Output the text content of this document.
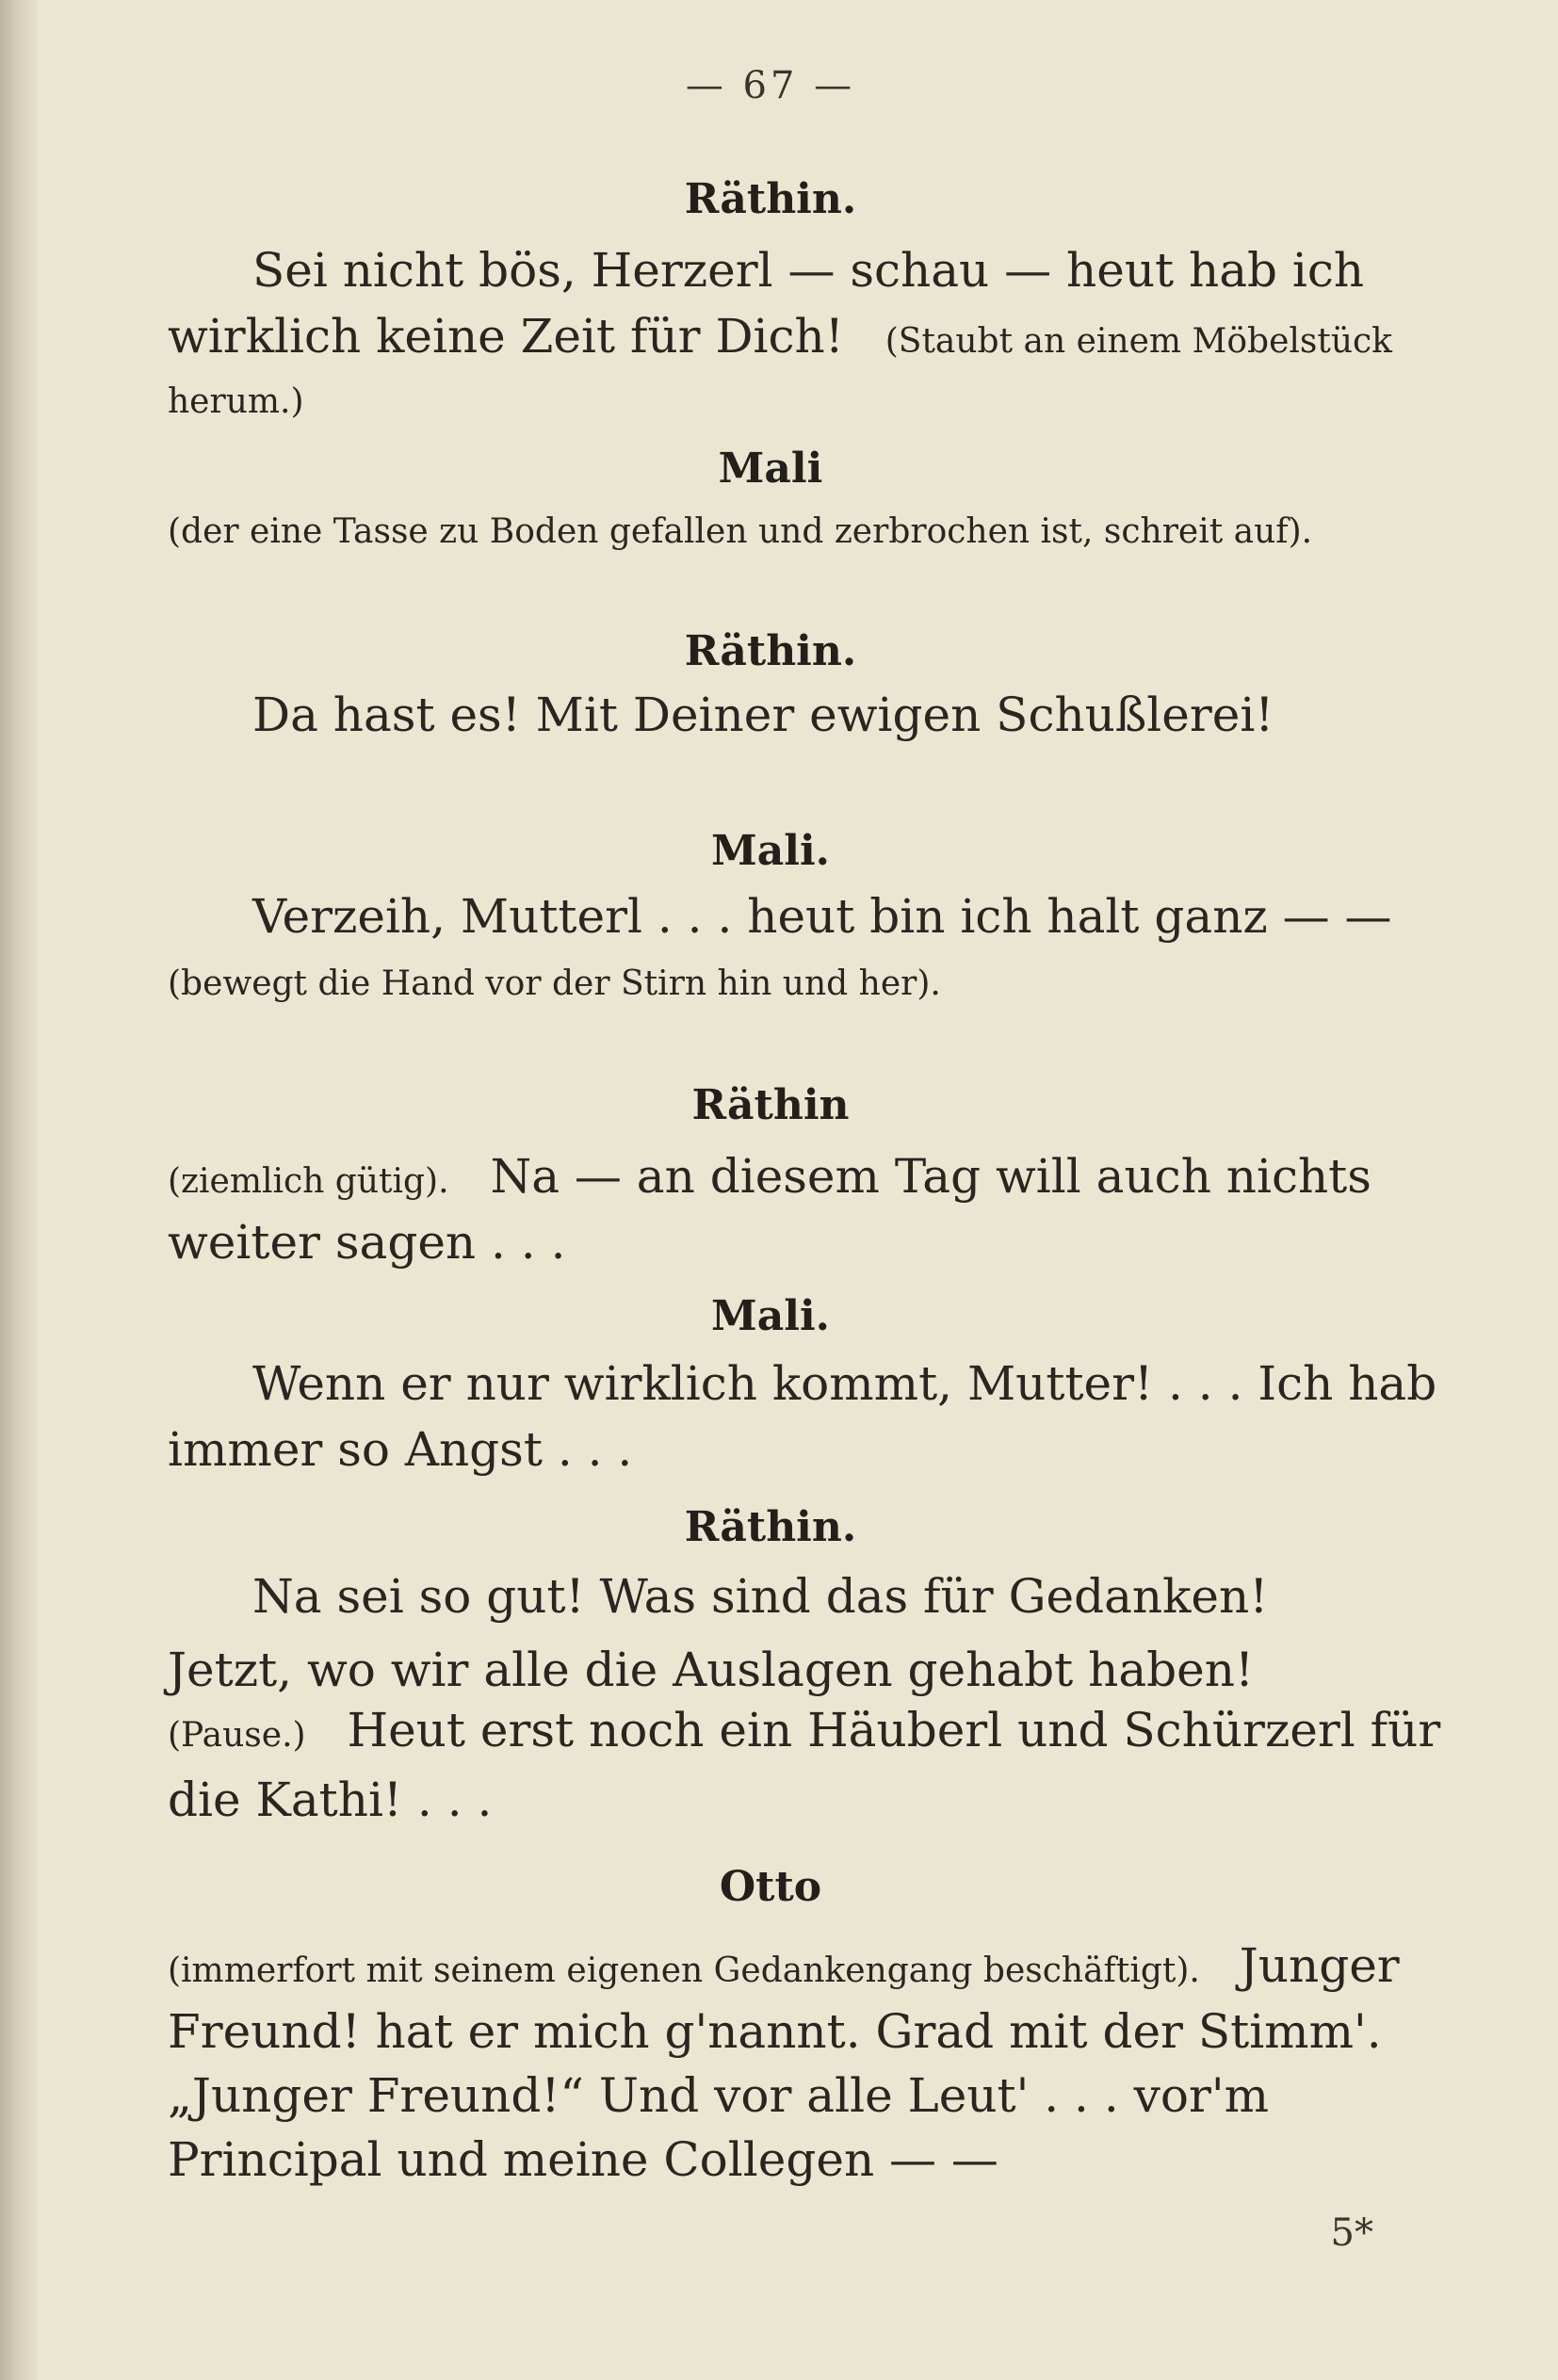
— 67 —
Räthin.
Sei nicht bös, Herzerl — schau — heut hab ich
wirklich keine Zeit für Dich! (Staubt an einem Möbelstück
herum.)
Mali
(der eine Tasse zu Boden gefallen und zerbrochen ist, schreit auf).
Räthin.
Da hast es! Mit Deiner ewigen Schußlerei!
Mali.
Verzeih, Mutterl . . . heut bin ich halt ganz — —
(bewegt die Hand vor der Stirn hin und her).
Räthin
(ziemlich gütig). Na — an diesem Tag will auch nichts
weiter sagen . . .
Mali.
Wenn er nur wirklich kommt, Mutter! . . . Ich hab
immer so Angst . . .
Räthin.
Na sei so gut! Was sind das für Gedanken!
Jetzt, wo wir alle die Auslagen gehabt haben!
(Pause.) Heut erst noch ein Häuberl und Schürzerl für
die Kathi! . . .
Otto
(immerfort mit seinem eigenen Gedankengang beschäftigt). Junger
Freund! hat er mich g'nannt. Grad mit der Stimm'.
„Junger Freund!“ Und vor alle Leut' . . . vor'm
Principal und meine Collegen — —
5*
